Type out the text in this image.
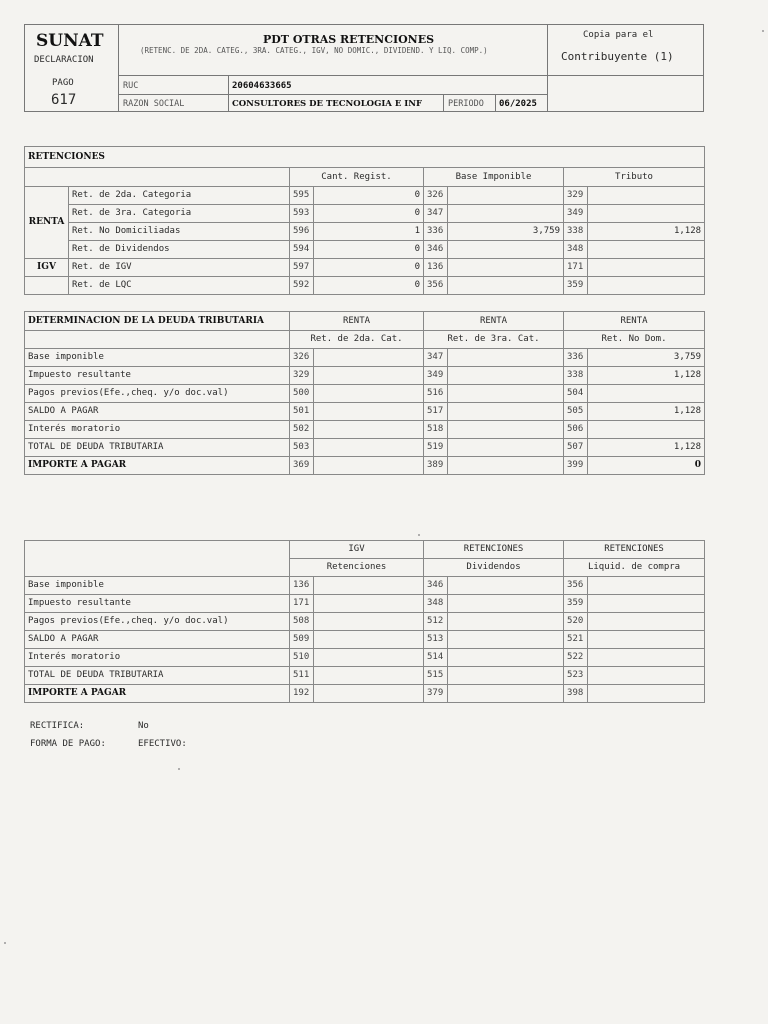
SUNAT
DECLARACION
PAGO
617
PDT OTRAS RETENCIONES
(RETENC. DE 2DA. CATEG., 3RA. CATEG., IGV, NO DOMIC., DIVIDEND. Y LIQ. COMP.)
Copia para el
Contribuyente (1)
RUC	20604633665
RAZON SOCIAL	CONSULTORES DE TECNOLOGIA E INF	PERIODO 06/2025
RETENCIONES							
		Cant. Regist.		Base Imponible		Tributo	
RENTA	Ret. de 2da. Categoria	595	0	326		329	
	Ret. de 3ra. Categoria	593	0	347		349	
	Ret. No Domiciliadas	596	1	336	3,759	338	1,128
	Ret. de Dividendos	594	0	346		348	
IGV	Ret. de IGV	597	0	136		171	
	Ret. de LQC	592	0	356		359	
DETERMINACION DE LA DEUDA TRIBUTARIA	RENTA		RENTA		RENTA	
	Ret. de 2da. Cat.		Ret. de 3ra. Cat.		Ret. No Dom.	
Base imponible	326		347		336	3,759
Impuesto resultante	329		349		338	1,128
Pagos previos(Efe.,cheq. y/o doc.val)	500		516		504	
SALDO A PAGAR	501		517		505	1,128
Interés moratorio	502		518		506	
TOTAL DE DEUDA TRIBUTARIA	503		519		507	1,128
IMPORTE A PAGAR	369		389		399	0
	IGV		RETENCIONES		RETENCIONES	
	Retenciones		Dividendos		Liquid. de compra	
Base imponible	136		346		356	
Impuesto resultante	171		348		359	
Pagos previos(Efe.,cheq. y/o doc.val)	508		512		520	
SALDO A PAGAR	509		513		521	
Interés moratorio	510		514		522	
TOTAL DE DEUDA TRIBUTARIA	511		515		523	
IMPORTE A PAGAR	192		379		398	
RECTIFICA:	No
FORMA DE PAGO:	EFECTIVO:
